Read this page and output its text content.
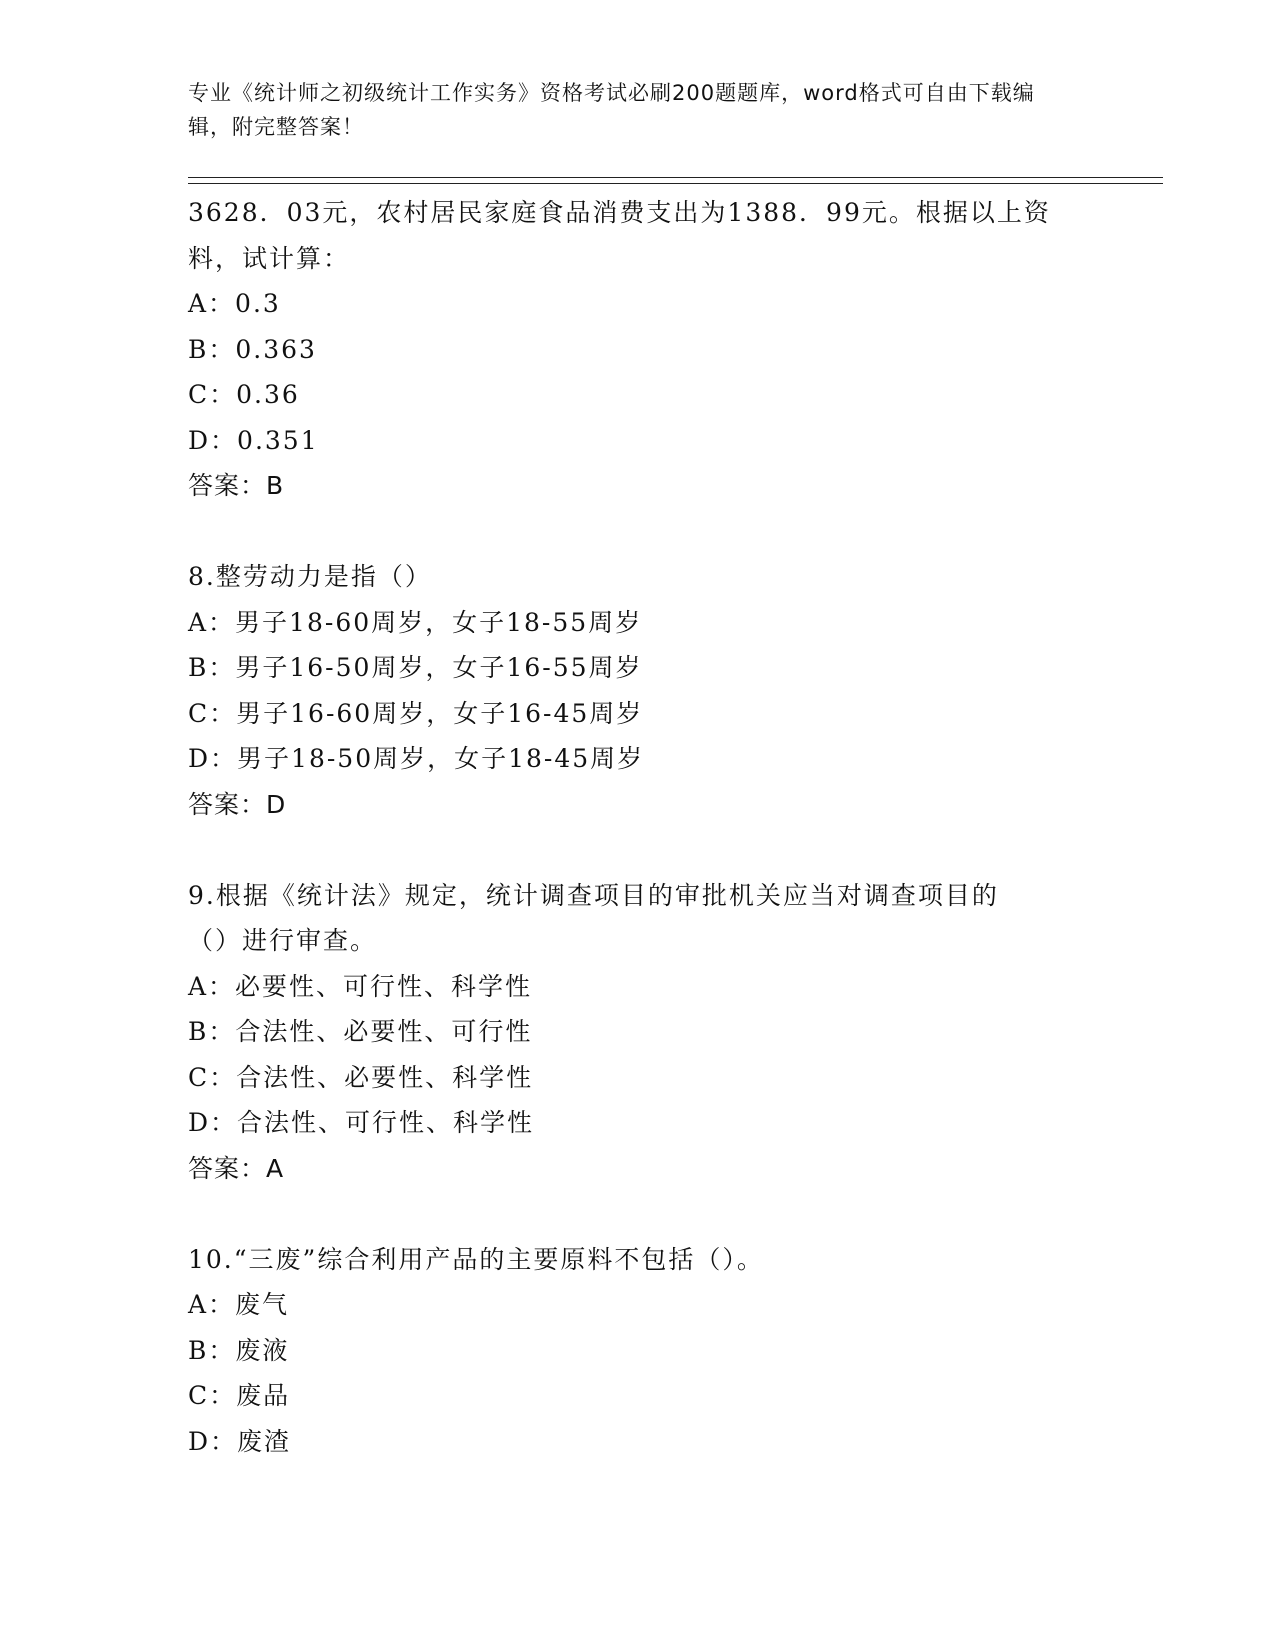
专业《统计师之初级统计工作实务》资格考试必刷200题题库，word格式可自由下载编辑，附完整答案！
3628．03元，农村居民家庭食品消费支出为1388．99元。根据以上资
料，试计算：
A：0.3
B：0.363
C：0.36
D：0.351
答案：B
8.整劳动力是指（）
A：男子18-60周岁，女子18-55周岁
B：男子16-50周岁，女子16-55周岁
C：男子16-60周岁，女子16-45周岁
D：男子18-50周岁，女子18-45周岁
答案：D
9.根据《统计法》规定，统计调查项目的审批机关应当对调查项目的
（）进行审查。
A：必要性、可行性、科学性
B：合法性、必要性、可行性
C：合法性、必要性、科学性
D：合法性、可行性、科学性
答案：A
10.“三废”综合利用产品的主要原料不包括（）。
A：废气
B：废液
C：废品
D：废渣
